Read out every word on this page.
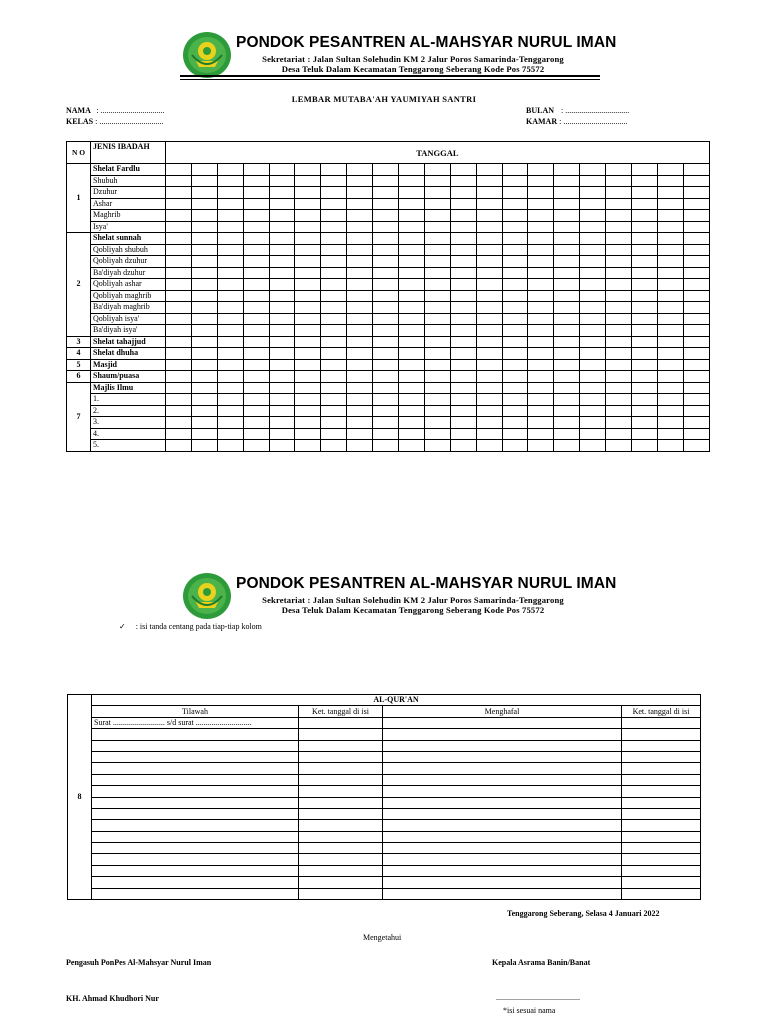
PONDOK PESANTREN AL-MAHSYAR NURUL IMAN
Sekretariat : Jalan Sultan Solehudin KM 2 Jalur Poros Samarinda-Tenggarong
Desa Teluk Dalam Kecamatan Tenggarong Seberang Kode Pos 75572
LEMBAR MUTABA'AH YAUMIYAH SANTRI
NAMA : ................................
KELAS : ................................
BULAN : ................................
KAMAR : ................................
N O	JENIS IBADAH	TANGGAL																				
1	Shelat Fardlu																					
	Shubuh																					
	Dzuhur																					
	Ashar																					
	Maghrib																					
	Isya'																					
2	Shelat sunnah																					
	Qobliyah shubuh																					
	Qobliyah dzuhur																					
	Ba'diyah dzuhur																					
	Qobliyah ashar																					
	Qobliyah maghrib																					
	Ba'diyah maghrib																					
	Qobliyah isya'																					
	Ba'diyah isya'																					
3	Shelat tahajjud																					
4	Shelat dhuha																					
5	Masjid																					
6	Shaum/puasa																					
7	Majlis Ilmu																					
	1.																					
	2.																					
	3.																					
	4.																					
	5.																					
PONDOK PESANTREN AL-MAHSYAR NURUL IMAN
Sekretariat : Jalan Sultan Solehudin KM 2 Jalur Poros Samarinda-Tenggarong
Desa Teluk Dalam Kecamatan Tenggarong Seberang Kode Pos 75572
✓ : isi tanda centang pada tiap-tiap kolom
8	AL-QUR'AN			
	Tilawah	Ket. tanggal di isi	Menghafal	Ket. tanggal di isi
	Surat .......................... s/d surat ............................			

Tenggarong Seberang, Selasa 4 Januari 2022
Mengetahui
Pengasuh PonPes Al-Mahsyar Nurul Iman	Kepala Asrama Banin/Banat
KH. Ahmad Khudhori Nur	..........................................
*isi sesuai nama
